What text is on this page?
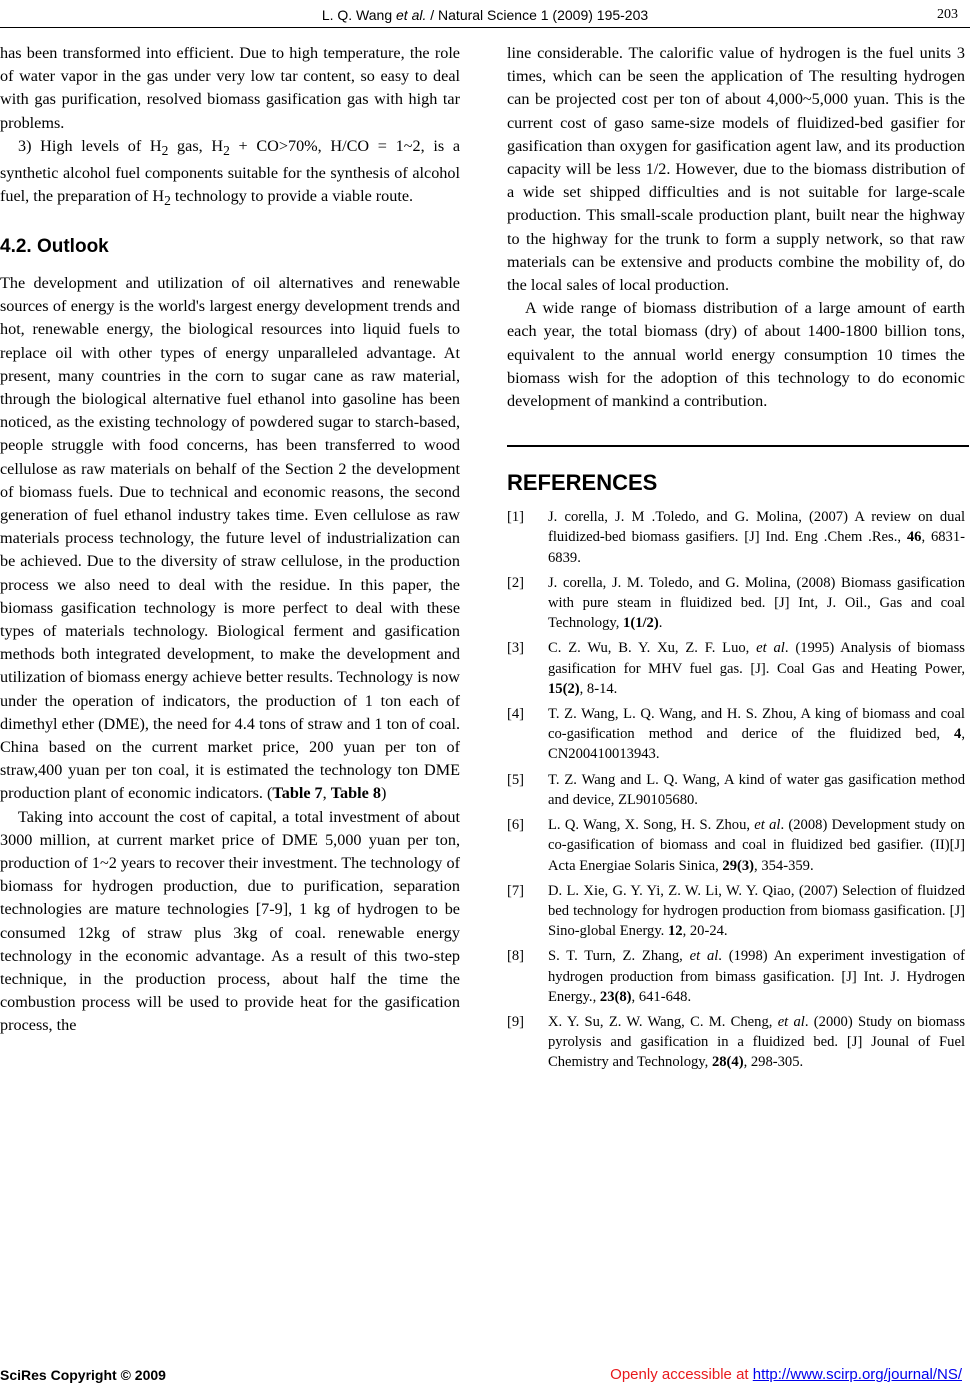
L. Q. Wang et al. / Natural Science 1 (2009) 195-203	203

has been transformed into efficient. Due to high temperature, the role of water vapor in the gas under very low tar content, so easy to deal with gas purification, resolved biomass gasification gas with high tar problems.

3) High levels of $H_2$ gas, $H_2 + CO>70\%$, H/CO = 1~2, is a synthetic alcohol fuel components suitable for the synthesis of alcohol fuel, the preparation of $H_2$ technology to provide a viable route.

4.2. Outlook

The development and utilization of oil alternatives and renewable sources of energy is the world's largest energy development trends and hot, renewable energy, the biological resources into liquid fuels to replace oil with other types of energy unparalleled advantage. At present, many countries in the corn to sugar cane as raw material, through the biological alternative fuel ethanol into gasoline has been noticed, as the existing technology of powdered sugar to starch-based, people struggle with food concerns, has been transferred to wood cellulose as raw materials on behalf of the Section 2 the development of biomass fuels. Due to technical and economic reasons, the second generation of fuel ethanol industry takes time. Even cellulose as raw materials process technology, the future level of industrialization can be achieved. Due to the diversity of straw cellulose, in the production process we also need to deal with the residue. In this paper, the biomass gasification technology is more perfect to deal with these types of materials technology. Biological ferment and gasification methods both integrated development, to make the development and utilization of biomass energy achieve better results. Technology is now under the operation of indicators, the production of 1 ton each of dimethyl ether (DME), the need for 4.4 tons of straw and 1 ton of coal. China based on the current market price, 200 yuan per ton of straw,400 yuan per ton coal, it is estimated the technology ton DME production plant of economic indicators. (Table 7, Table 8)

Taking into account the cost of capital, a total investment of about 3000 million, at current market price of DME 5,000 yuan per ton, production of 1~2 years to recover their investment. The technology of biomass for hydrogen production, due to purification, separation technologies are mature technologies [7-9], 1 kg of hydrogen to be consumed 12kg of straw plus 3kg of coal. renewable energy technology in the economic advantage. As a result of this two-step technique, in the production process, about half the time the combustion process will be used to provide heat for the gasification process, the

line considerable. The calorific value of hydrogen is the fuel units 3 times, which can be seen the application of The resulting hydrogen can be projected cost per ton of about 4,000~5,000 yuan. This is the current cost of gaso same-size models of fluidized-bed gasifier for gasification than oxygen for gasification agent law, and its production capacity will be less 1/2. However, due to the biomass distribution of a wide set shipped difficulties and is not suitable for large-scale production. This small-scale production plant, built near the highway to the highway for the trunk to form a supply network, so that raw materials can be extensive and products combine the mobility of, do the local sales of local production.

A wide range of biomass distribution of a large amount of earth each year, the total biomass (dry) of about 1400-1800 billion tons, equivalent to the annual world energy consumption 10 times the biomass wish for the adoption of this technology to do economic development of mankind a contribution.

REFERENCES
[1]	J. corella, J. M .Toledo, and G. Molina, (2007) A review on dual fluidized-bed biomass gasifiers. [J] Ind. Eng .Chem .Res., 46, 6831-6839.
[2]	J. corella, J. M. Toledo, and G. Molina, (2008) Biomass gasification with pure steam in fluidized bed. [J] Int, J. Oil., Gas and coal Technology, 1(1/2).
[3]	C. Z. Wu, B. Y. Xu, Z. F. Luo, et al. (1995) Analysis of biomass gasification for MHV fuel gas. [J]. Coal Gas and Heating Power, 15(2), 8-14.
[4]	T. Z. Wang, L. Q. Wang, and H. S. Zhou, A king of biomass and coal co-gasification method and derice of the fluidized bed, 4, CN200410013943.
[5]	T. Z. Wang and L. Q. Wang, A kind of water gas gasification method and device, ZL90105680.
[6]	L. Q. Wang, X. Song, H. S. Zhou, et al. (2008) Development study on co-gasification of biomass and coal in fluidized bed gasifier. (II)[J] Acta Energiae Solaris Sinica, 29(3), 354-359.
[7]	D. L. Xie, G. Y. Yi, Z. W. Li, W. Y. Qiao, (2007) Selection of fluidzed bed technology for hydrogen production from biomass gasification. [J] Sino-global Energy. 12, 20-24.
[8]	S. T. Turn, Z. Zhang, et al. (1998) An experiment investigation of hydrogen production from bimass gasification. [J] Int. J. Hydrogen Energy., 23(8), 641-648.
[9]	X. Y. Su, Z. W. Wang, C. M. Cheng, et al. (2000) Study on biomass pyrolysis and gasification in a fluidized bed. [J] Jounal of Fuel Chemistry and Technology, 28(4), 298-305.
SciRes Copyright © 2009	Openly accessible at http://www.scirp.org/journal/NS/
